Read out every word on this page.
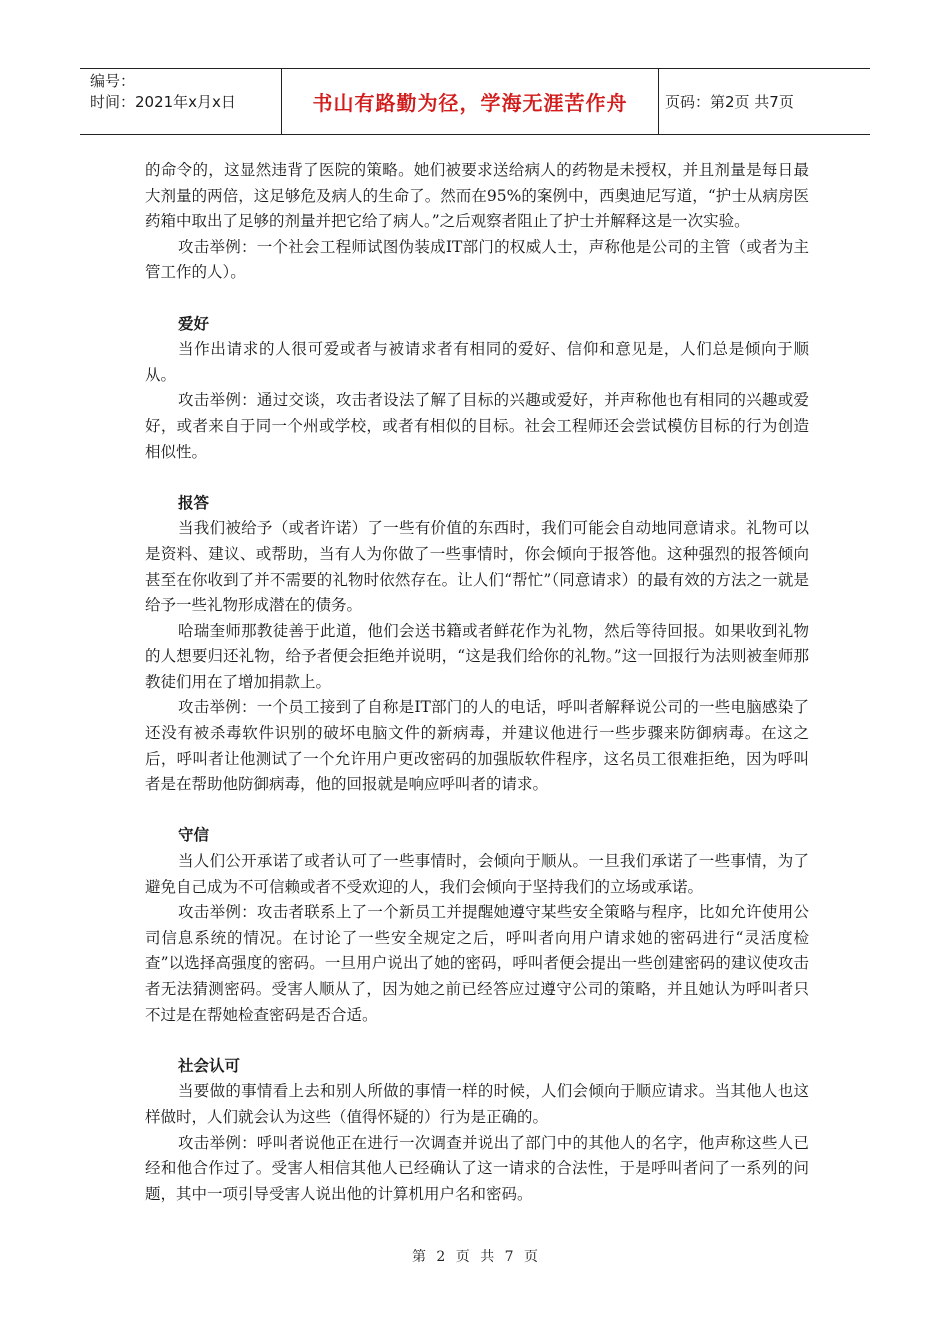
编号：
时间：2021年x月x日	书山有路勤为径，学海无涯苦作舟	页码：第2页 共7页

的命令的，这显然违背了医院的策略。她们被要求送给病人的药物是未授权，并且剂量是每日最大剂量的两倍，这足够危及病人的生命了。然而在95%的案例中，西奥迪尼写道，“护士从病房医药箱中取出了足够的剂量并把它给了病人。”之后观察者阻止了护士并解释这是一次实验。

攻击举例：一个社会工程师试图伪装成IT部门的权威人士，声称他是公司的主管（或者为主管工作的人）。

爱好

当作出请求的人很可爱或者与被请求者有相同的爱好、信仰和意见是，人们总是倾向于顺从。

攻击举例：通过交谈，攻击者设法了解了目标的兴趣或爱好，并声称他也有相同的兴趣或爱好，或者来自于同一个州或学校，或者有相似的目标。社会工程师还会尝试模仿目标的行为创造相似性。

报答

当我们被给予（或者许诺）了一些有价值的东西时，我们可能会自动地同意请求。礼物可以是资料、建议、或帮助，当有人为你做了一些事情时，你会倾向于报答他。这种强烈的报答倾向甚至在你收到了并不需要的礼物时依然存在。让人们“帮忙”（同意请求）的最有效的方法之一就是给予一些礼物形成潜在的债务。

哈瑞奎师那教徒善于此道，他们会送书籍或者鲜花作为礼物，然后等待回报。如果收到礼物的人想要归还礼物，给予者便会拒绝并说明，“这是我们给你的礼物。”这一回报行为法则被奎师那教徒们用在了增加捐款上。

攻击举例：一个员工接到了自称是IT部门的人的电话，呼叫者解释说公司的一些电脑感染了还没有被杀毒软件识别的破坏电脑文件的新病毒，并建议他进行一些步骤来防御病毒。在这之后，呼叫者让他测试了一个允许用户更改密码的加强版软件程序，这名员工很难拒绝，因为呼叫者是在帮助他防御病毒，他的回报就是响应呼叫者的请求。

守信

当人们公开承诺了或者认可了一些事情时，会倾向于顺从。一旦我们承诺了一些事情，为了避免自己成为不可信赖或者不受欢迎的人，我们会倾向于坚持我们的立场或承诺。

攻击举例：攻击者联系上了一个新员工并提醒她遵守某些安全策略与程序，比如允许使用公司信息系统的情况。在讨论了一些安全规定之后，呼叫者向用户请求她的密码进行“灵活度检查”以选择高强度的密码。一旦用户说出了她的密码，呼叫者便会提出一些创建密码的建议使攻击者无法猜测密码。受害人顺从了，因为她之前已经答应过遵守公司的策略，并且她认为呼叫者只不过是在帮她检查密码是否合适。

社会认可

当要做的事情看上去和别人所做的事情一样的时候，人们会倾向于顺应请求。当其他人也这样做时，人们就会认为这些（值得怀疑的）行为是正确的。

攻击举例：呼叫者说他正在进行一次调查并说出了部门中的其他人的名字，他声称这些人已经和他合作过了。受害人相信其他人已经确认了这一请求的合法性，于是呼叫者问了一系列的问题，其中一项引导受害人说出他的计算机用户名和密码。

第 2 页 共 7 页
